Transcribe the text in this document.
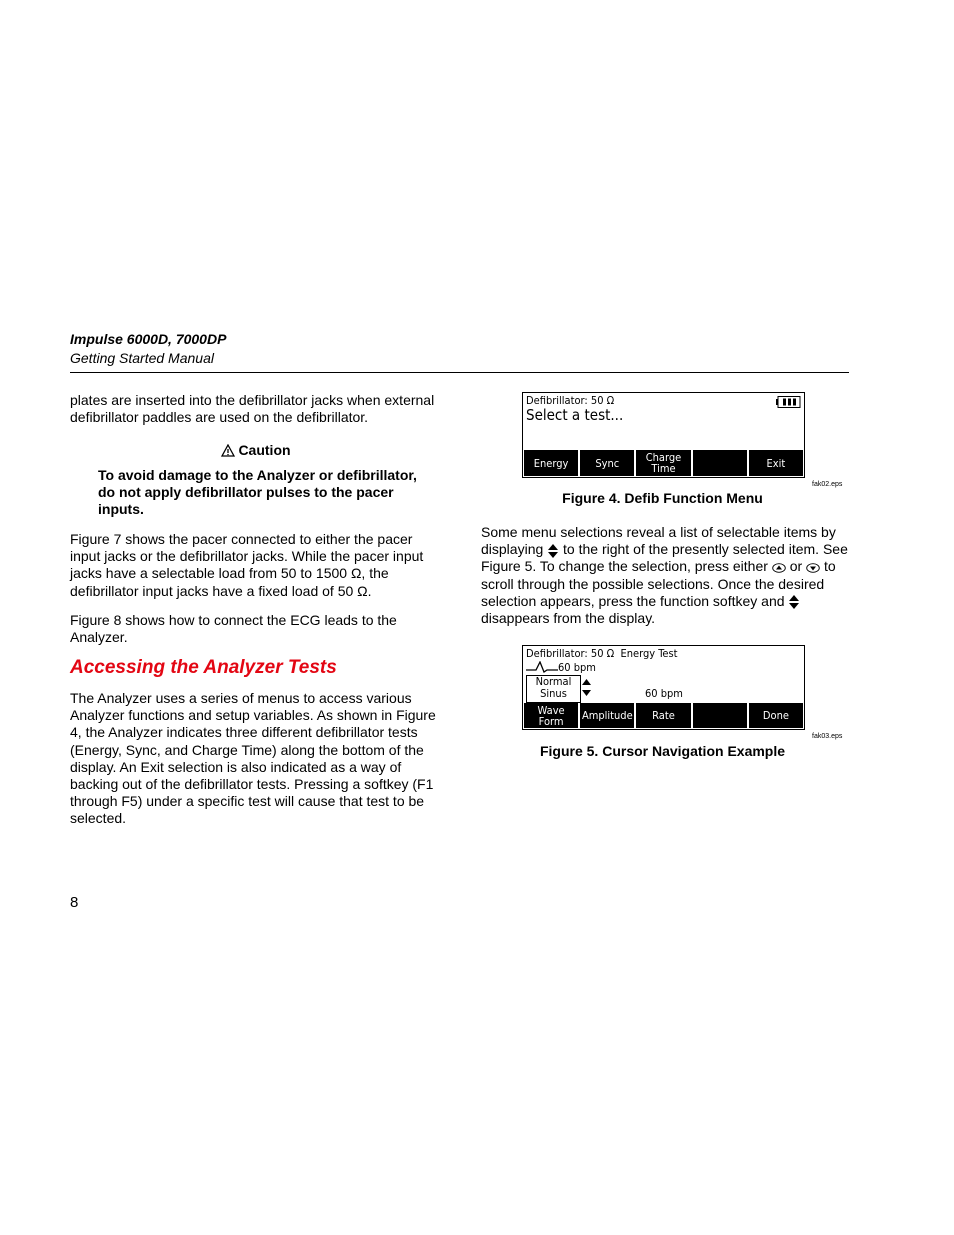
Impulse 6000D, 7000DP
Getting Started Manual
plates are inserted into the defibrillator jacks when external defibrillator paddles are used on the defibrillator.
Caution
To avoid damage to the Analyzer or defibrillator, do not apply defibrillator pulses to the pacer inputs.
Figure 7 shows the pacer connected to either the pacer input jacks or the defibrillator jacks. While the pacer input jacks have a selectable load from 50 to 1500 Ω, the defibrillator input jacks have a fixed load of 50 Ω.
Figure 8 shows how to connect the ECG leads to the Analyzer.
Accessing the Analyzer Tests
The Analyzer uses a series of menus to access various Analyzer functions and setup variables. As shown in Figure 4, the Analyzer indicates three different defibrillator tests (Energy, Sync, and Charge Time) along the bottom of the display. An Exit selection is also indicated as a way of backing out of the defibrillator tests. Pressing a softkey (F1 through F5) under a specific test will cause that test to be selected.
8
Defibrillator: 50 Ω
Select a test...
Energy	Sync	Charge Time	Exit
fak02.eps
Figure 4. Defib Function Menu
Some menu selections reveal a list of selectable items by displaying to the right of the presently selected item. See Figure 5. To change the selection, press either or to scroll through the possible selections. Once the desired selection appears, press the function softkey and  disappears from the display.
Defibrillator: 50 Ω  Energy Test
60 bpm
Normal
Sinus	60 bpm
Wave Form	Amplitude	Rate	Done
fak03.eps
Figure 5. Cursor Navigation Example
